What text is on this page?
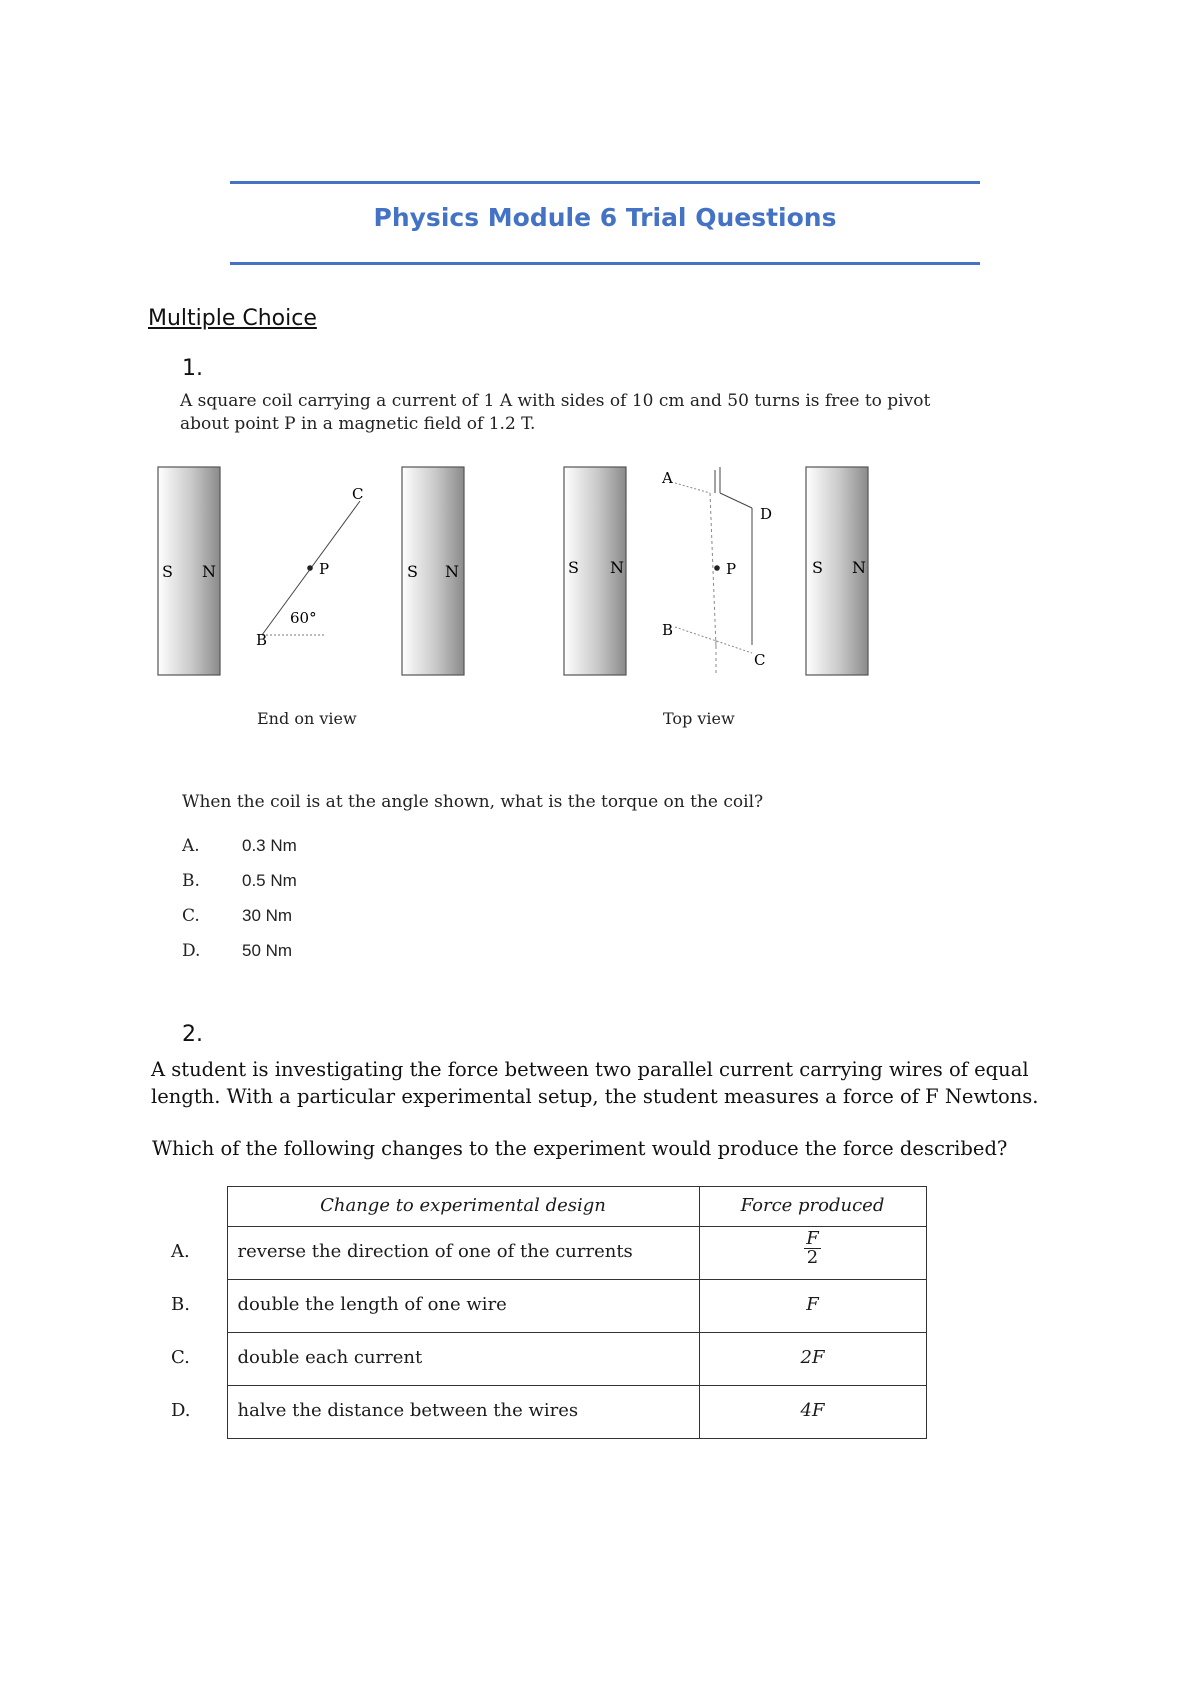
Physics Module 6 Trial Questions
Multiple Choice
1.
A square coil carrying a current of 1 A with sides of 10 cm and 50 turns is free to pivot
about point P in a magnetic field of 1.2 T.
S N
C
P
B
60°
S N	S N
A
D
P
B
C
S N
End on view	Top view
When the coil is at the angle shown, what is the torque on the coil?
A. 0.3 Nm
B. 0.5 Nm
C. 30 Nm
D. 50 Nm
2.
A student is investigating the force between two parallel current carrying wires of equal
length. With a particular experimental setup, the student measures a force of F Newtons.
Which of the following changes to the experiment would produce the force described?
	Change to experimental design	Force produced
A.	reverse the direction of one of the currents	$\frac{F}{2}$

B.	double the length of one wire	F
C.	double each current	2F
D.	halve the distance between the wires	4F
